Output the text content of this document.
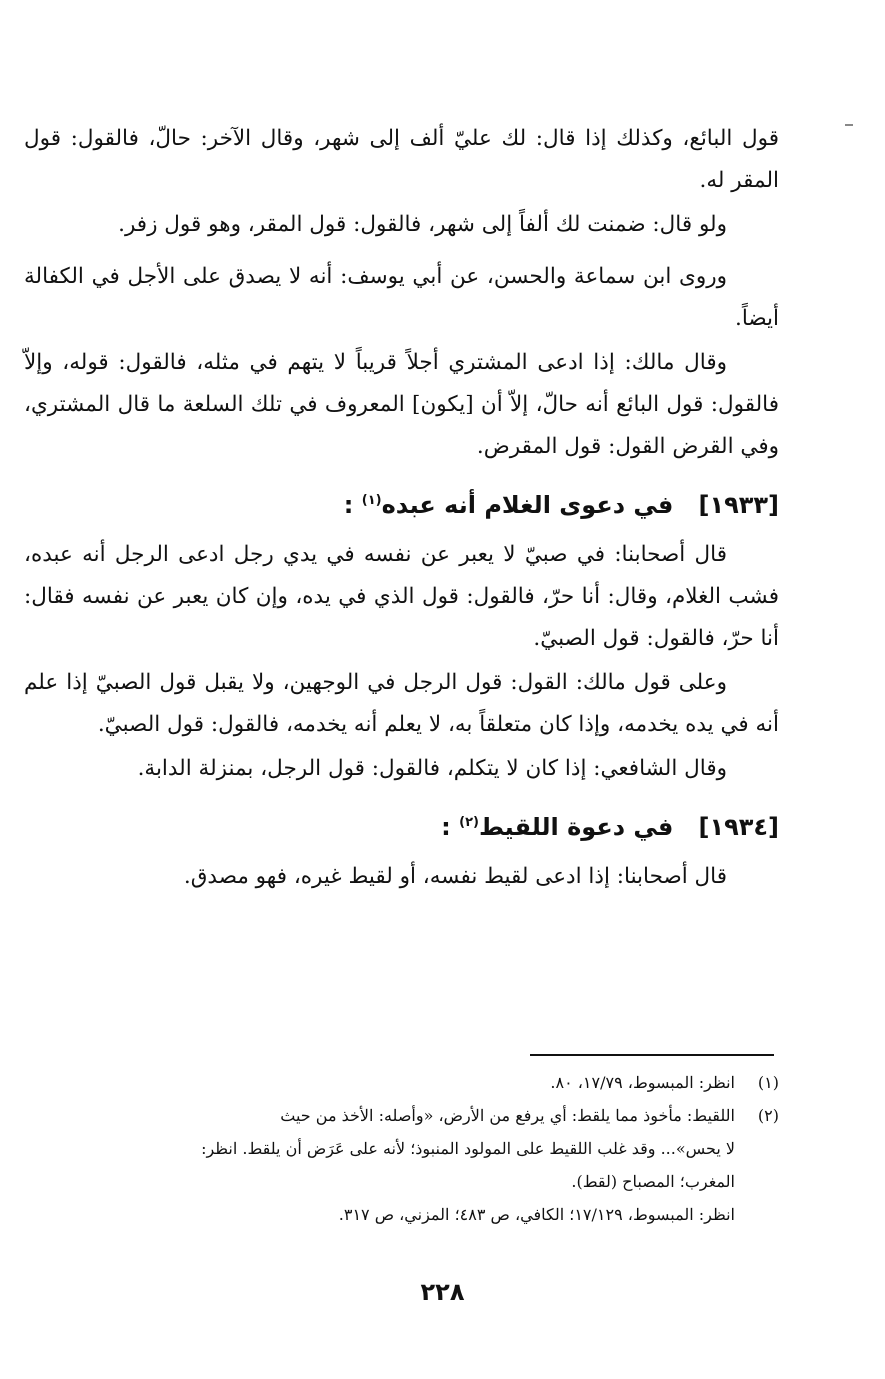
قول البائع، وكذلك إذا قال: لك عليّ ألف إلى شهر، وقال الآخر: حالّ، فالقول: قول المقر له.

ولو قال: ضمنت لك ألفاً إلى شهر، فالقول: قول المقر، وهو قول زفر.

وروى ابن سماعة والحسن، عن أبي يوسف: أنه لا يصدق على الأجل في الكفالة أيضاً.

وقال مالك: إذا ادعى المشتري أجلاً قريباً لا يتهم في مثله، فالقول: قوله، وإلاّ فالقول: قول البائع أنه حالّ، إلاّ أن [يكون] المعروف في تلك السلعة ما قال المشتري، وفي القرض القول: قول المقرض.

[١٩٣٣]   في دعوى الغلام أنه عبده$^{(١)}$ :

قال أصحابنا: في صبيّ لا يعبر عن نفسه في يدي رجل ادعى الرجل أنه عبده، فشب الغلام، وقال: أنا حرّ، فالقول: قول الذي في يده، وإن كان يعبر عن نفسه فقال: أنا حرّ، فالقول: قول الصبيّ.

وعلى قول مالك: القول: قول الرجل في الوجهين، ولا يقبل قول الصبيّ إذا علم أنه في يده يخدمه، وإذا كان متعلقاً به، لا يعلم أنه يخدمه، فالقول: قول الصبيّ.

وقال الشافعي: إذا كان لا يتكلم، فالقول: قول الرجل، بمنزلة الدابة.

[١٩٣٤]   في دعوة اللقيط$^{(٢)}$ :

قال أصحابنا: إذا ادعى لقيط نفسه، أو لقيط غيره، فهو مصدق.

(١)
انظر: المبسوط، ١٧/٧٩، ٨٠.
(٢)
اللقيط: مأخوذ مما يلقط: أي يرفع من الأرض، «وأصله: الأخذ من حيث
لا يحس»... وقد غلب اللقيط على المولود المنبوذ؛ لأنه على عَرَض أن يلقط. انظر:
المغرب؛ المصباح (لقط).
انظر: المبسوط، ١٧/١٢٩؛ الكافي، ص ٤٨٣؛ المزني، ص ٣١٧.
٢٢٨
